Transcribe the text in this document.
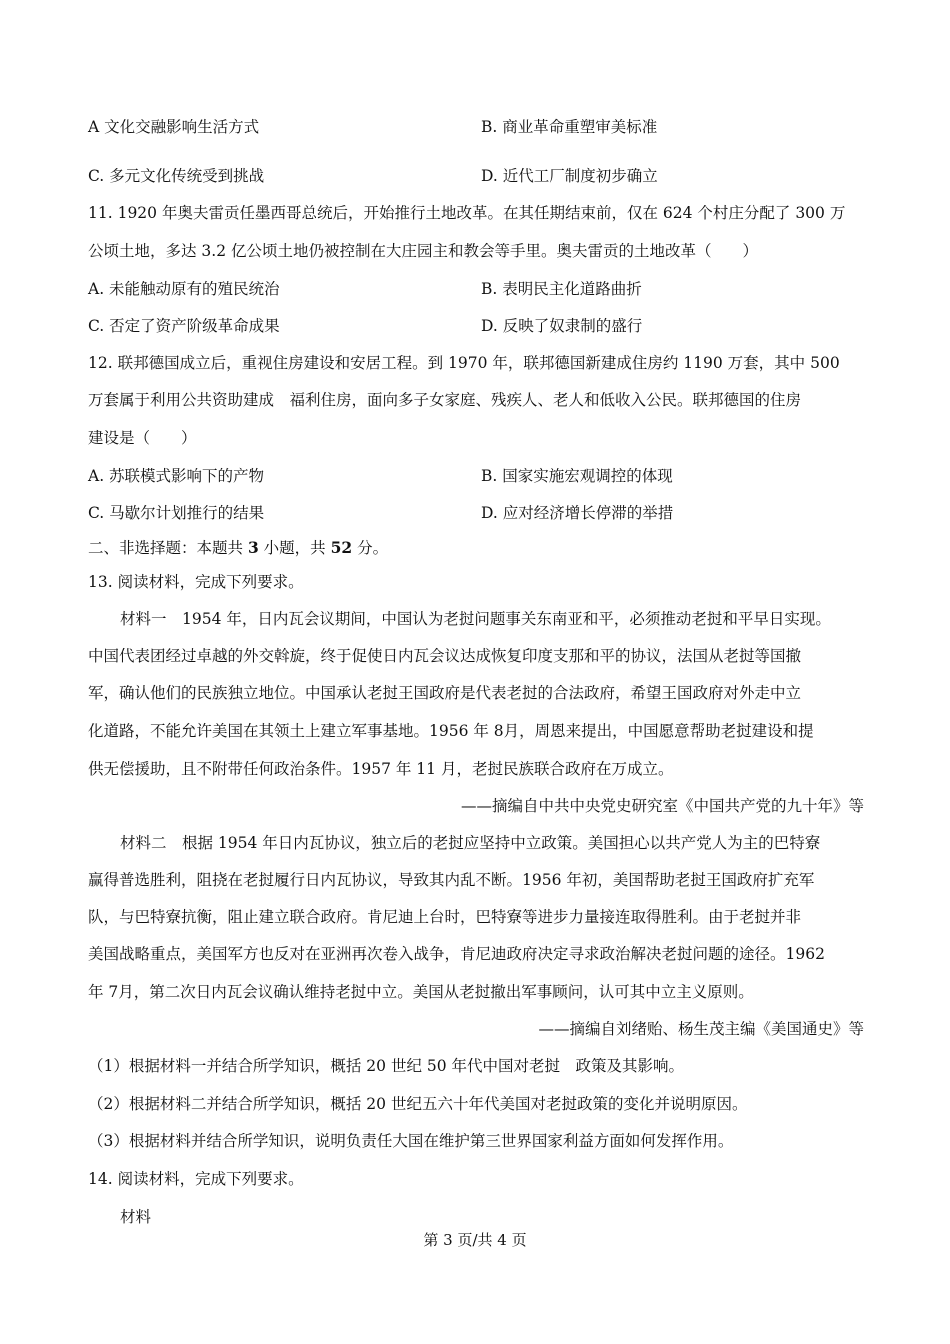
A 文化交融影响生活方式	B. 商业革命重塑审美标准
C. 多元文化传统受到挑战	D. 近代工厂制度初步确立
11. 1920 年奥夫雷贡任墨西哥总统后，开始推行土地改革。在其任期结束前，仅在 624 个村庄分配了 300 万
公顷土地，多达 3.2 亿公顷土地仍被控制在大庄园主和教会等手里。奥夫雷贡的土地改革（　　）
A. 未能触动原有的殖民统治	B. 表明民主化道路曲折
C. 否定了资产阶级革命成果	D. 反映了奴隶制的盛行
12. 联邦德国成立后，重视住房建设和安居工程。到 1970 年，联邦德国新建成住房约 1190 万套，其中 500
万套属于利用公共资助建成　福利住房，面向多子女家庭、残疾人、老人和低收入公民。联邦德国的住房
建设是（　　）
A. 苏联模式影响下的产物	B. 国家实施宏观调控的体现
C. 马歇尔计划推行的结果	D. 应对经济增长停滞的举措
二、非选择题：本题共 3 小题，共 52 分。
13. 阅读材料，完成下列要求。
材料一　1954 年，日内瓦会议期间，中国认为老挝问题事关东南亚和平，必须推动老挝和平早日实现。
中国代表团经过卓越的外交斡旋，终于促使日内瓦会议达成恢复印度支那和平的协议，法国从老挝等国撤
军，确认他们的民族独立地位。中国承认老挝王国政府是代表老挝的合法政府，希望王国政府对外走中立
化道路，不能允许美国在其领土上建立军事基地。1956 年 8月，周恩来提出，中国愿意帮助老挝建设和提
供无偿援助，且不附带任何政治条件。1957 年 11 月，老挝民族联合政府在万成立。
——摘编自中共中央党史研究室《中国共产党的九十年》等
材料二　根据 1954 年日内瓦协议，独立后的老挝应坚持中立政策。美国担心以共产党人为主的巴特寮
赢得普选胜利，阻挠在老挝履行日内瓦协议，导致其内乱不断。1956 年初，美国帮助老挝王国政府扩充军
队，与巴特寮抗衡，阻止建立联合政府。肯尼迪上台时，巴特寮等进步力量接连取得胜利。由于老挝并非
美国战略重点，美国军方也反对在亚洲再次卷入战争，肯尼迪政府决定寻求政治解决老挝问题的途径。1962
年 7月，第二次日内瓦会议确认维持老挝中立。美国从老挝撤出军事顾问，认可其中立主义原则。
——摘编自刘绪贻、杨生茂主编《美国通史》等
（1）根据材料一并结合所学知识，概括 20 世纪 50 年代中国对老挝　政策及其影响。
（2）根据材料二并结合所学知识，概括 20 世纪五六十年代美国对老挝政策的变化并说明原因。
（3）根据材料并结合所学知识，说明负责任大国在维护第三世界国家利益方面如何发挥作用。
14. 阅读材料，完成下列要求。
材料
第 3 页/共 4 页
